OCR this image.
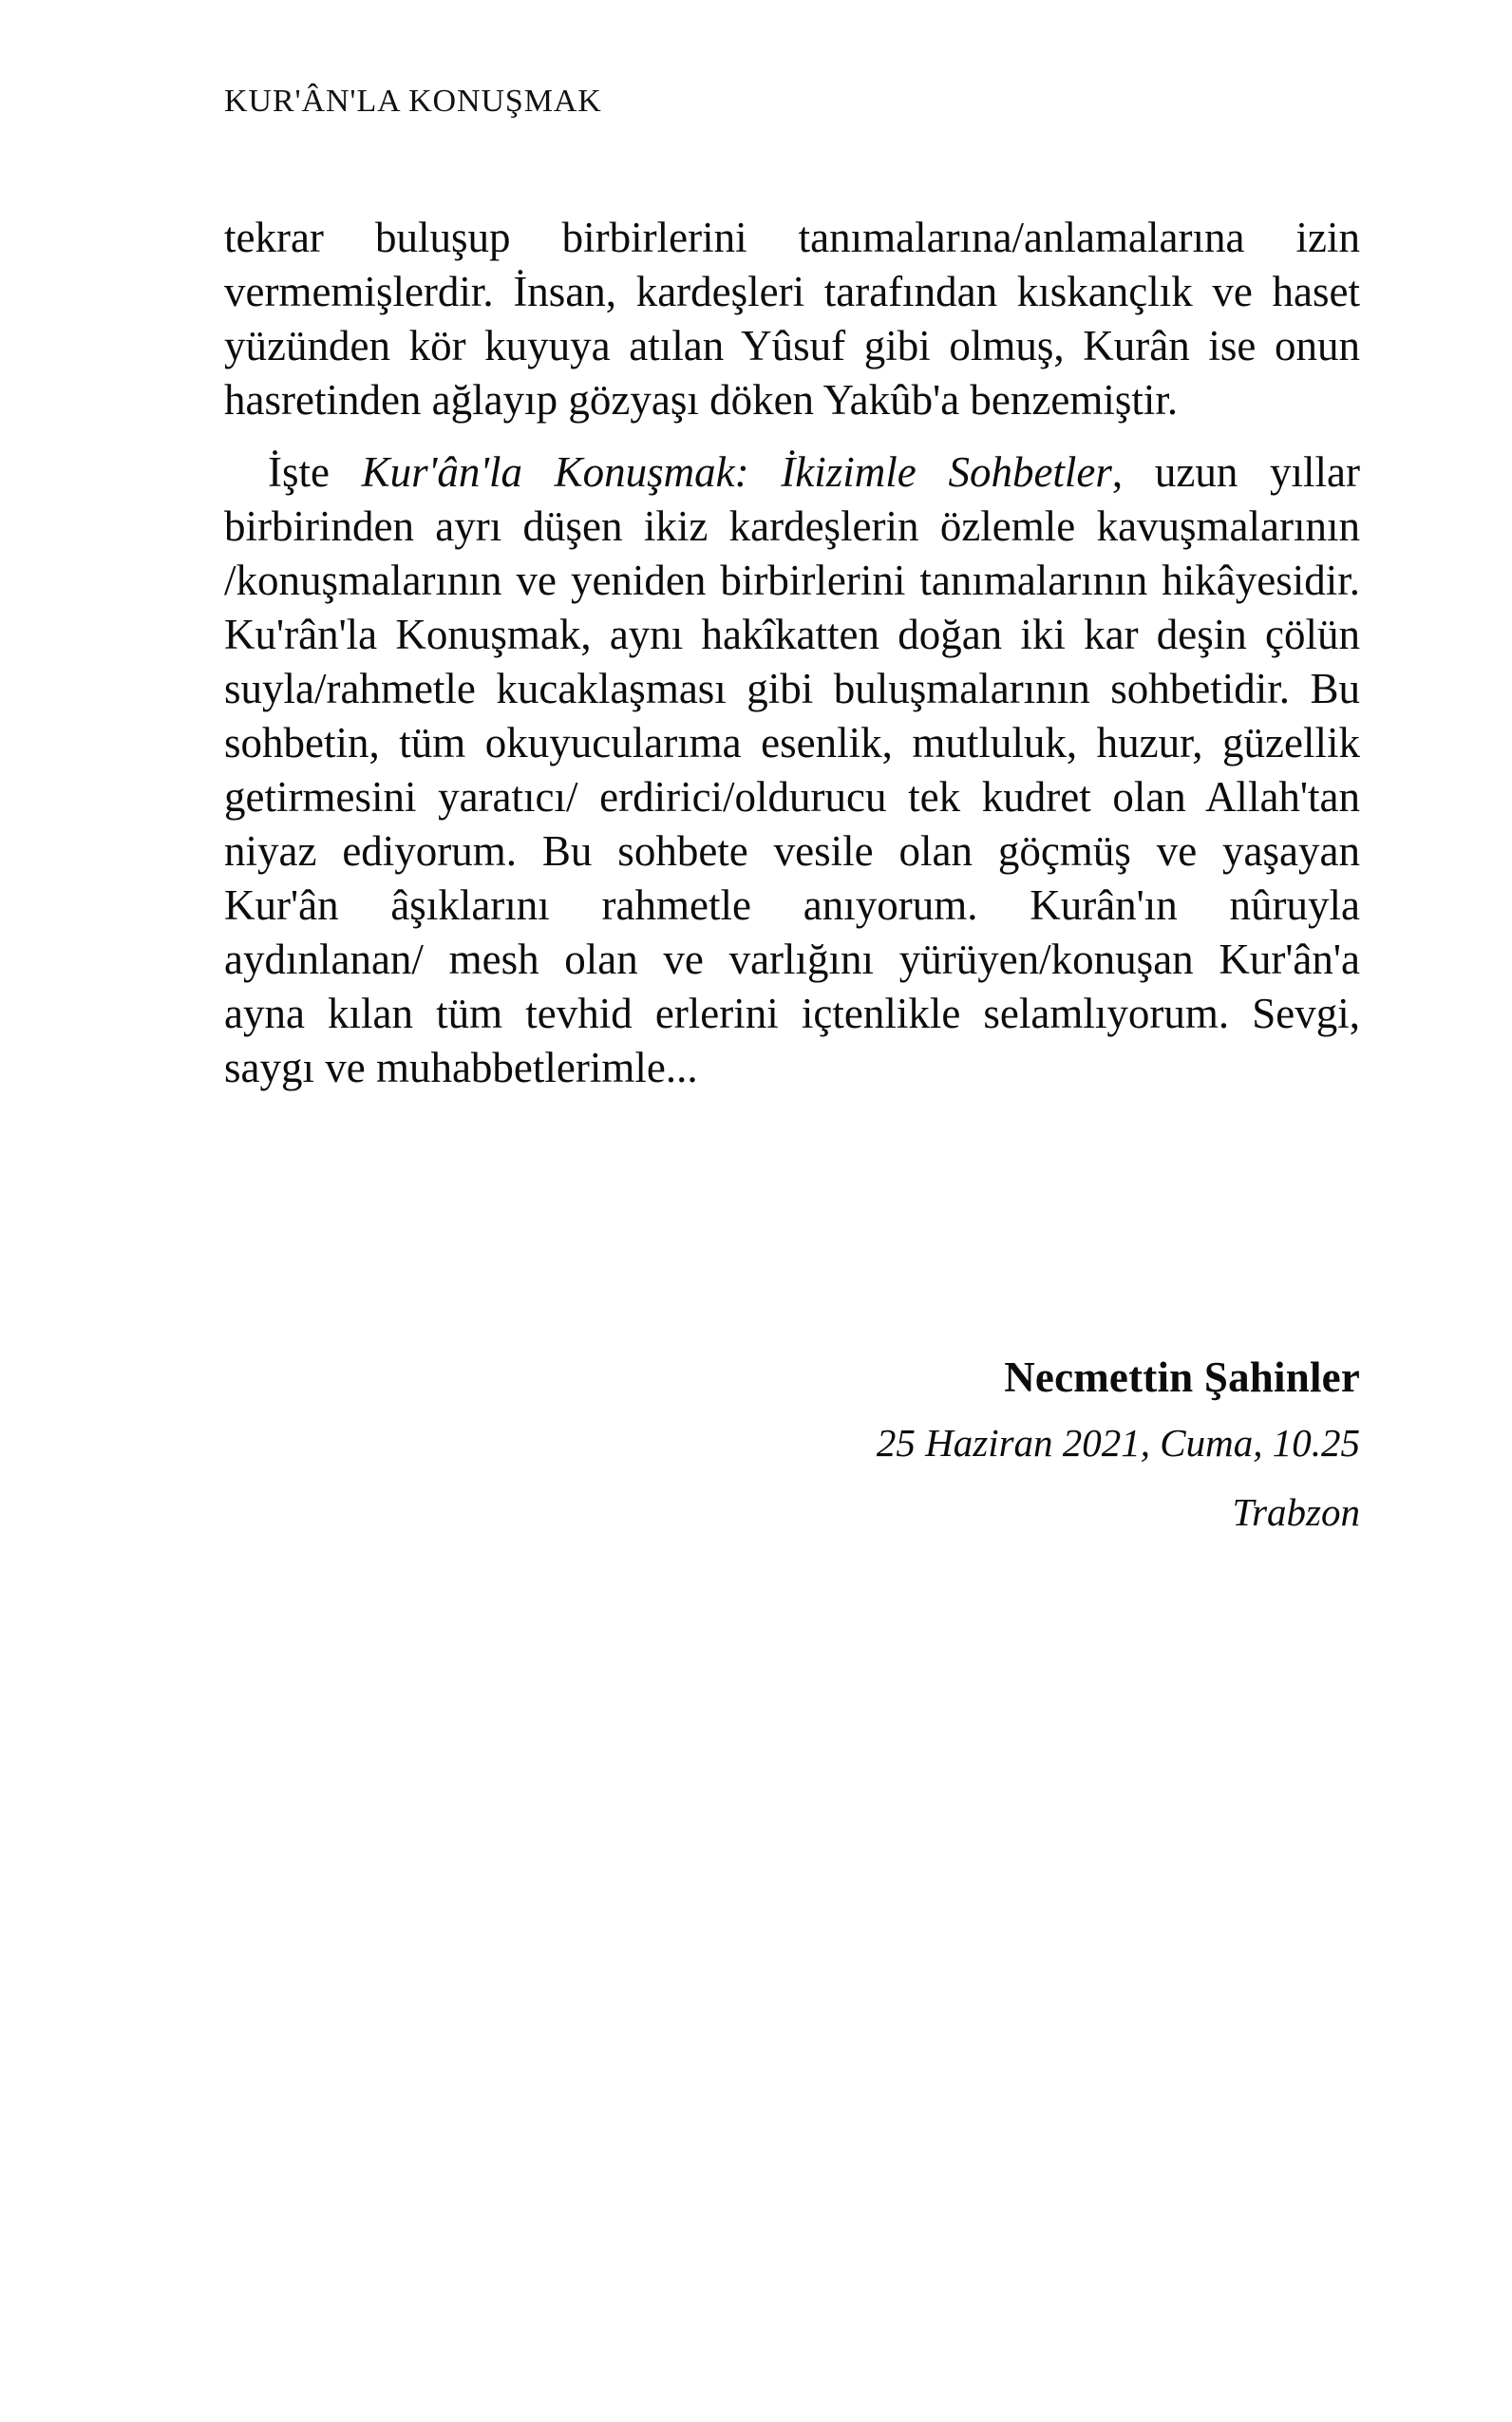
KUR'ÂN'LA KONUŞMAK

tekrar buluşup birbirlerini tanımalarına/anlamalarına izin vermemişlerdir. İnsan, kardeşleri tarafından kıskançlık ve haset yüzünden kör kuyuya atılan Yûsuf gibi olmuş, Kurân ise onun hasretinden ağlayıp gözyaşı döken Yakûb'a benzemiştir.

İşte Kur'ân'la Konuşmak: İkizimle Sohbetler, uzun yıllar birbirinden ayrı düşen ikiz kardeşlerin özlemle kavuşmalarının /konuşmalarının ve yeniden birbirlerini tanımalarının hikâyesidir. Ku'rân'la Konuşmak, aynı hakîkatten doğan iki kar deşin çölün suyla/rahmetle kucaklaşması gibi buluşmalarının sohbetidir. Bu sohbetin, tüm okuyucularıma esenlik, mutluluk, huzur, güzellik getirmesini yaratıcı/ erdirici/oldurucu tek kudret olan Allah'tan niyaz ediyorum. Bu sohbete vesile olan göçmüş ve yaşayan Kur'ân âşıklarını rahmetle anıyorum. Kurân'ın nûruyla aydınlanan/ mesh olan ve varlığını yürüyen/konuşan Kur'ân'a ayna kılan tüm tevhid erlerini içtenlikle selamlıyorum. Sevgi, saygı ve muhabbetlerimle...

Necmettin Şahinler
25 Haziran 2021, Cuma, 10.25
Trabzon
